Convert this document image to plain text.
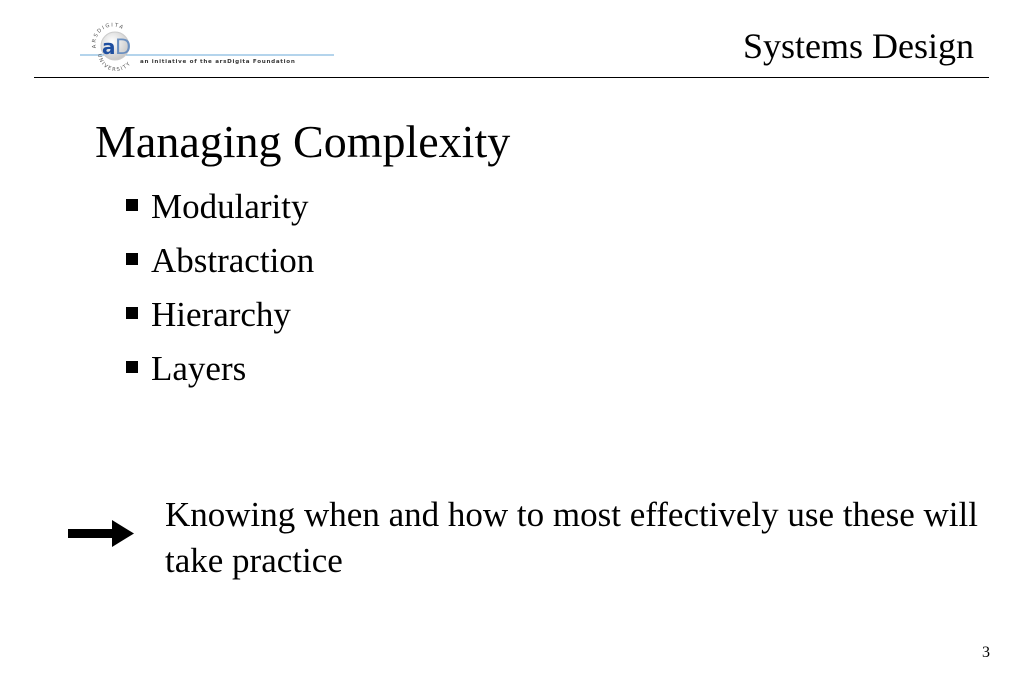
ARSDIGITA
UNIVERSITY
a D
an initiative of the arsDigita Foundation	Systems Design
Managing Complexity
Modularity
Abstraction
Hierarchy
Layers

Knowing when and how to most effectively use these will take practice

3
